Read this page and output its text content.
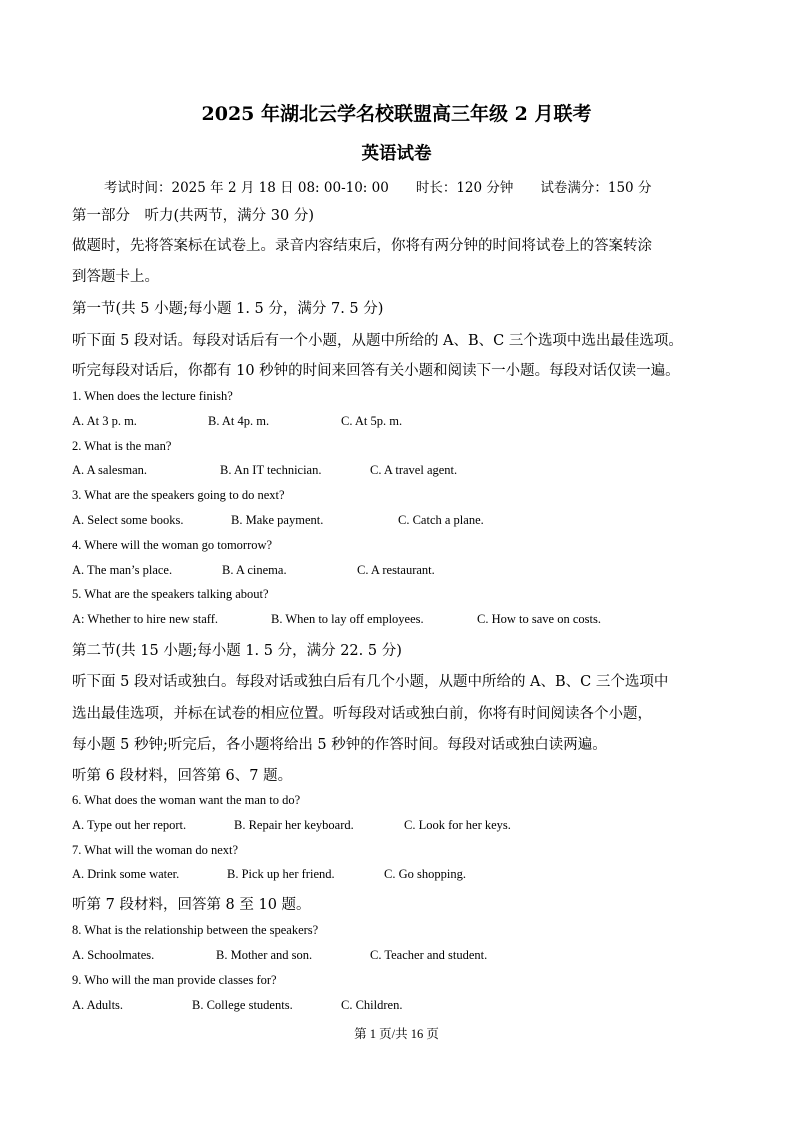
2025 年湖北云学名校联盟高三年级 2 月联考
英语试卷
考试时间：2025 年 2 月 18 日 08: 00-10: 00　　时长：120 分钟　　试卷满分：150 分
第一部分　听力(共两节，满分 30 分)
做题时，先将答案标在试卷上。录音内容结束后，你将有两分钟的时间将试卷上的答案转涂
到答题卡上。
第一节(共 5 小题;每小题 1. 5 分，满分 7. 5 分)
听下面 5 段对话。每段对话后有一个小题，从题中所给的 A、B、C 三个选项中选出最佳选项。
听完每段对话后，你都有 10 秒钟的时间来回答有关小题和阅读下一小题。每段对话仅读一遍。
1. When does the lecture finish?
A. At 3 p. m.	B. At 4p. m.	C. At 5p. m.
2. What is the man?
A. A salesman.	B. An IT technician.	C. A travel agent.
3. What are the speakers going to do next?
A. Select some books.	B. Make payment.	C. Catch a plane.
4. Where will the woman go tomorrow?
A. The man’s place.	B. A cinema.	C. A restaurant.
5. What are the speakers talking about?
A: Whether to hire new staff.	B. When to lay off employees.	C. How to save on costs.
第二节(共 15 小题;每小题 1. 5 分，满分 22. 5 分)
听下面 5 段对话或独白。每段对话或独白后有几个小题，从题中所给的 A、B、C 三个选项中
选出最佳选项，并标在试卷的相应位置。听每段对话或独白前，你将有时间阅读各个小题，
每小题 5 秒钟;听完后，各小题将给出 5 秒钟的作答时间。每段对话或独白读两遍。
听第 6 段材料，回答第 6、7 题。
6. What does the woman want the man to do?
A. Type out her report.	B. Repair her keyboard.	C. Look for her keys.
7. What will the woman do next?
A. Drink some water.	B. Pick up her friend.	C. Go shopping.
听第 7 段材料，回答第 8 至 10 题。
8. What is the relationship between the speakers?
A. Schoolmates.	B. Mother and son.	C. Teacher and student.
9. Who will the man provide classes for?
A. Adults.	B. College students.	C. Children.
第 1 页/共 16 页
